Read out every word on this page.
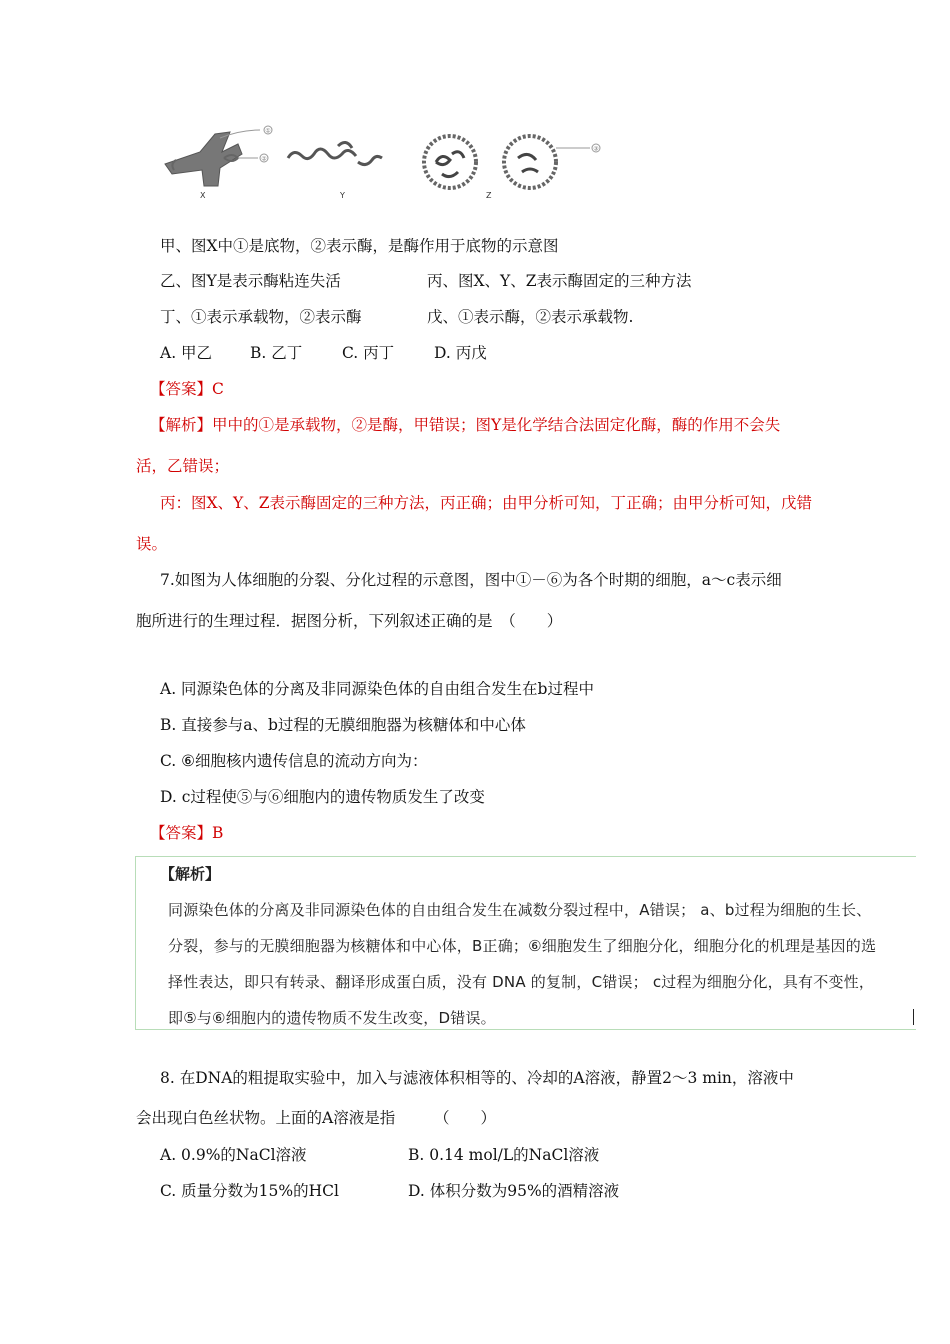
X	Y	Z
①
②
③
甲、图X中①是底物，②表示酶，是酶作用于底物的示意图
乙、图Y是表示酶粘连失活	丙、图X、Y、Z表示酶固定的三种方法
丁、①表示承载物，②表示酶	戊、①表示酶，②表示承载物.
A. 甲乙 B. 乙丁	C. 丙丁	D. 丙戊
【答案】C
【解析】甲中的①是承载物，②是酶，甲错误；图Y是化学结合法固定化酶，酶的作用不会失
活，乙错误；
丙：图X、Y、Z表示酶固定的三种方法，丙正确；由甲分析可知，丁正确；由甲分析可知，戊错
误。
7.如图为人体细胞的分裂、分化过程的示意图，图中①－⑥为各个时期的细胞，a～c表示细
胞所进行的生理过程．据图分析，下列叙述正确的是　（　　）
A. 同源染色体的分离及非同源染色体的自由组合发生在b过程中
B. 直接参与a、b过程的无膜细胞器为核糖体和中心体
C. ⑥细胞核内遗传信息的流动方向为：
D. c过程使⑤与⑥细胞内的遗传物质发生了改变
【答案】B
【解析】
同源染色体的分离及非同源染色体的自由组合发生在减数分裂过程中，A错误； a、b过程为细胞的生长、
分裂，参与的无膜细胞器为核糖体和中心体，B正确；⑥细胞发生了细胞分化，细胞分化的机理是基因的选
择性表达，即只有转录、翻译形成蛋白质，没有 DNA 的复制，C错误； c过程为细胞分化，具有不变性，
即⑤与⑥细胞内的遗传物质不发生改变，D错误。
8. 在DNA的粗提取实验中，加入与滤液体积相等的、冷却的A溶液，静置2～3 min，溶液中
会出现白色丝状物。上面的A溶液是指　　　（　　）
A. 0.9%的NaCl溶液	B. 0.14 mol/L的NaCl溶液
C. 质量分数为15%的HCl	D. 体积分数为95%的酒精溶液
